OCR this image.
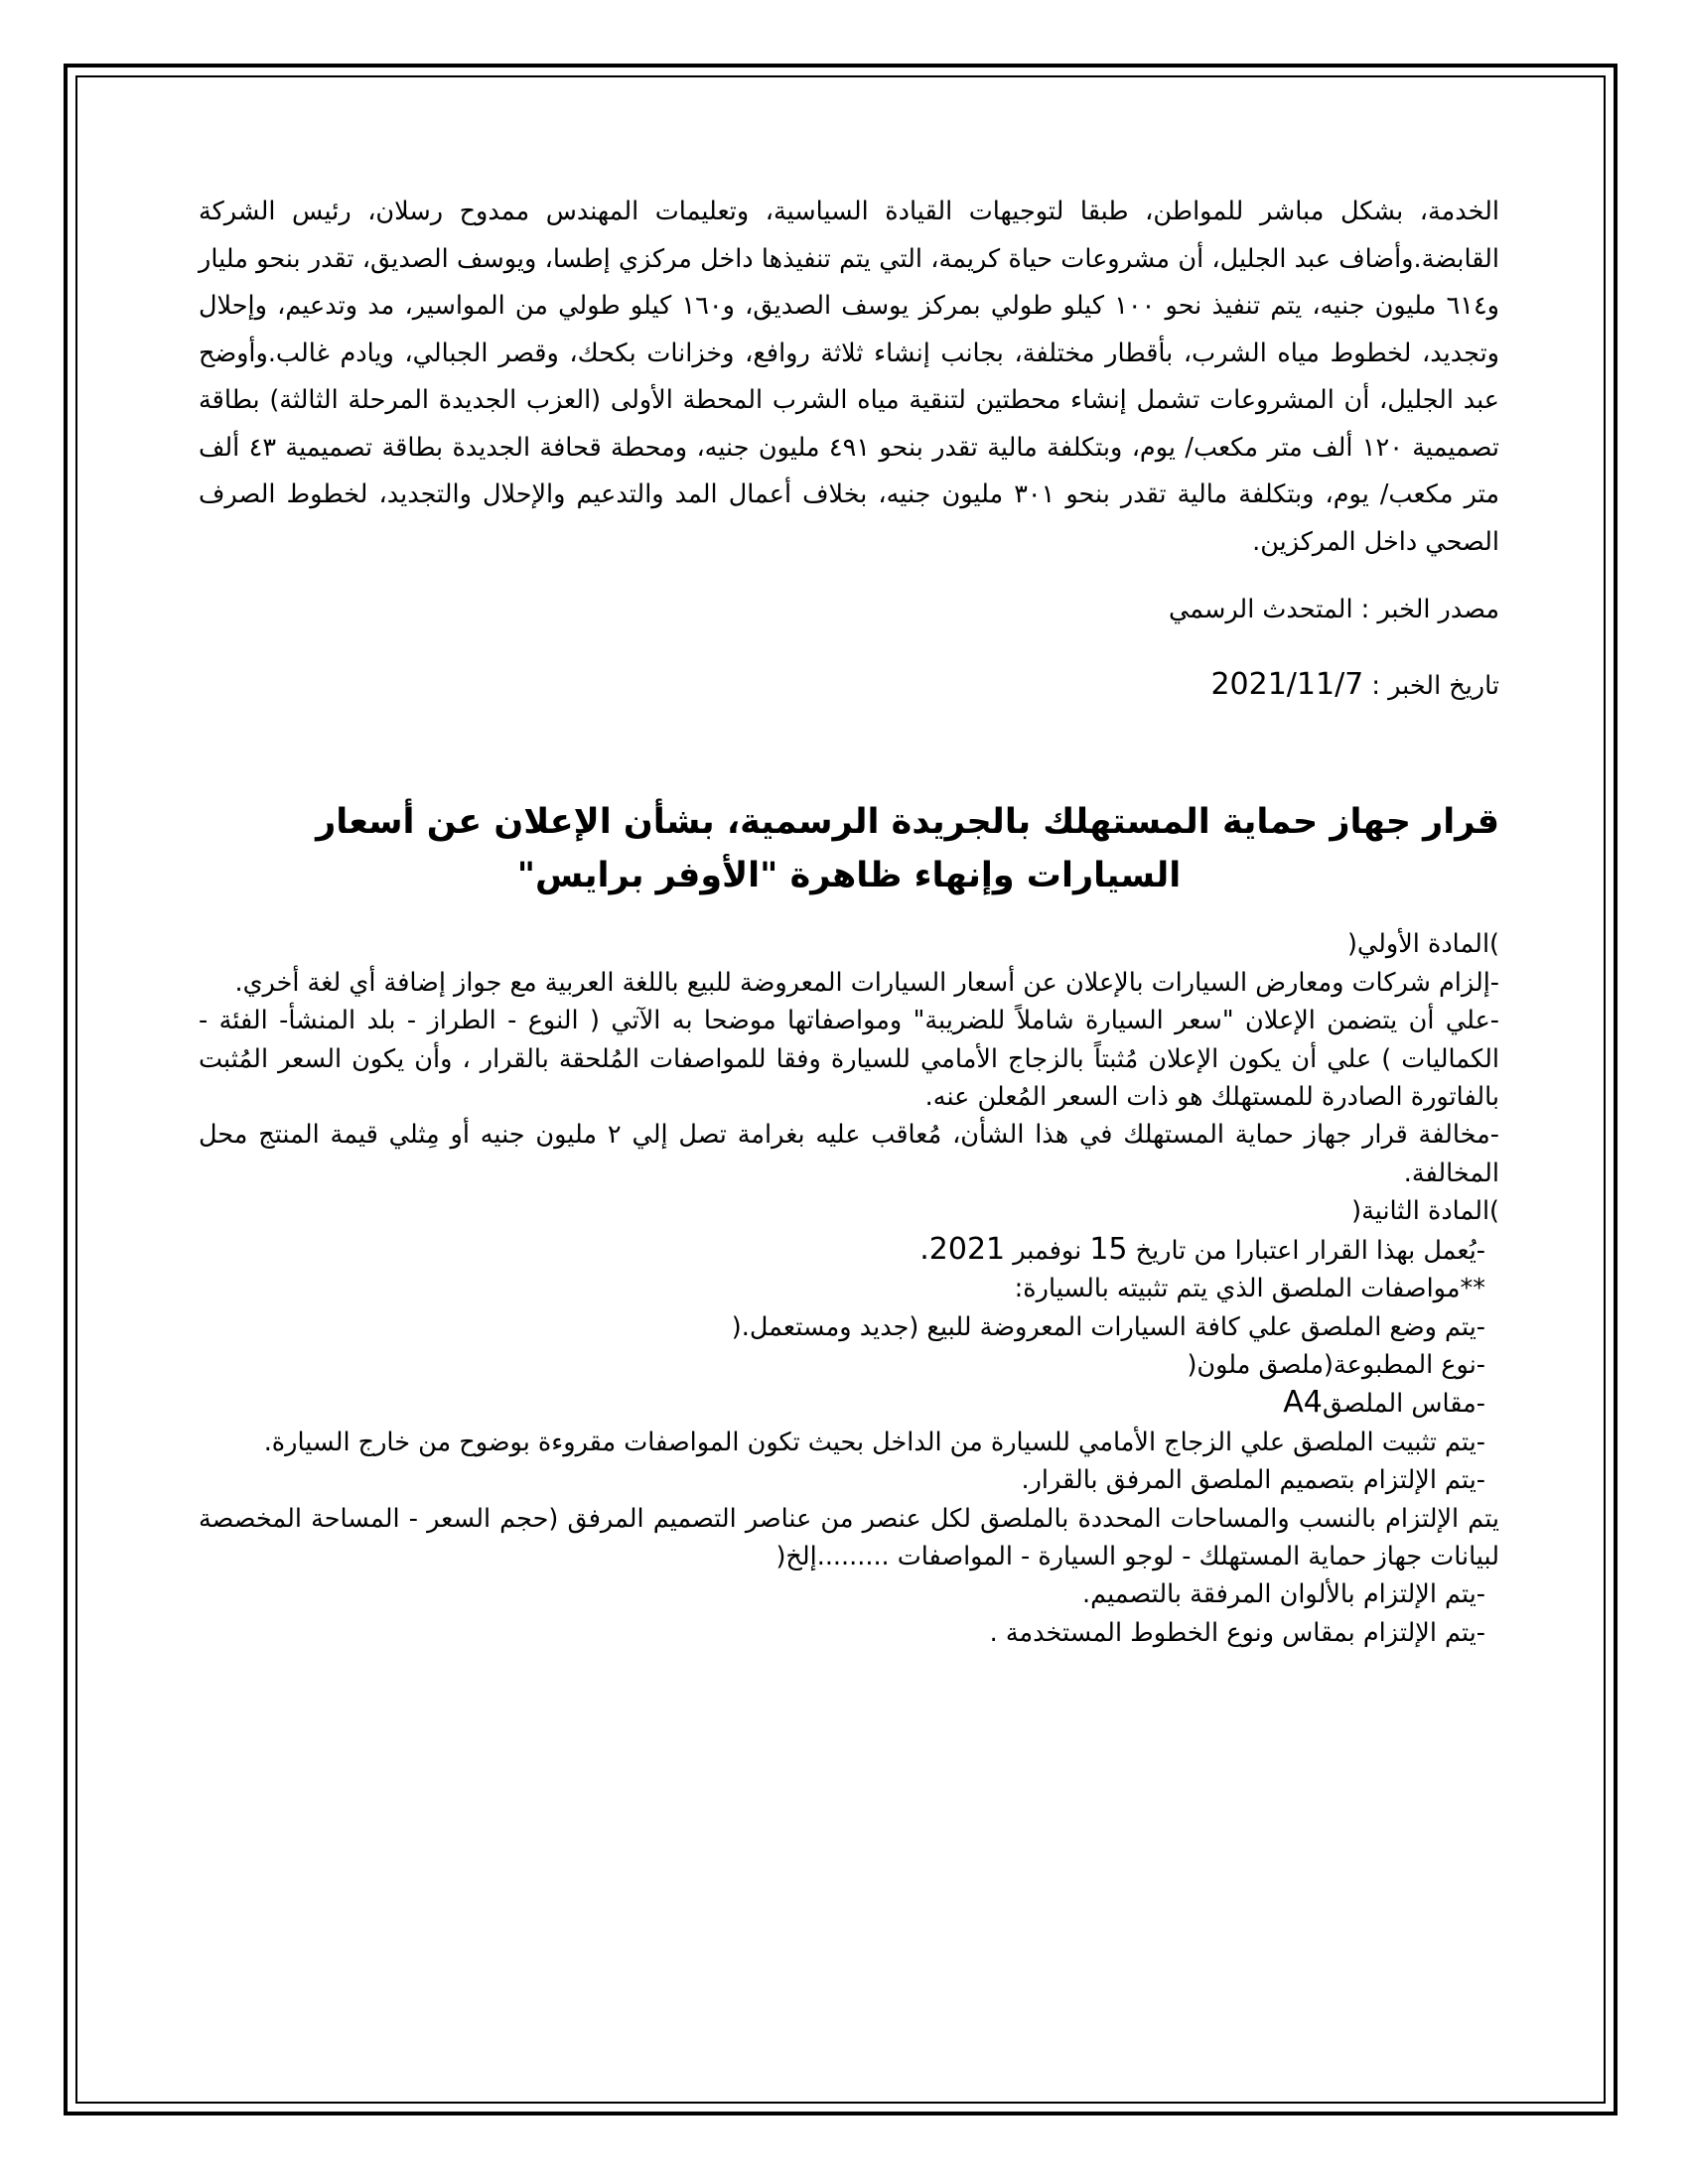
الخدمة، بشكل مباشر للمواطن، طبقا لتوجيهات القيادة السياسية، وتعليمات المهندس ممدوح رسلان، رئيس الشركة القابضة.وأضاف عبد الجليل، أن مشروعات حياة كريمة، التي يتم تنفيذها داخل مركزي إطسا، ويوسف الصديق، تقدر بنحو مليار و٦١٤ مليون جنيه، يتم تنفيذ نحو ١٠٠ كيلو طولي بمركز يوسف الصديق، و١٦٠ كيلو طولي من المواسير، مد وتدعيم، وإحلال وتجديد، لخطوط مياه الشرب، بأقطار مختلفة، بجانب إنشاء ثلاثة روافع، وخزانات بكحك، وقصر الجبالي، ويادم غالب.وأوضح عبد الجليل، أن المشروعات تشمل إنشاء محطتين لتنقية مياه الشرب المحطة الأولى (العزب الجديدة المرحلة الثالثة) بطاقة تصميمية ١٢٠ ألف متر مكعب/ يوم، وبتكلفة مالية تقدر بنحو ٤٩١ مليون جنيه، ومحطة قحافة الجديدة بطاقة تصميمية ٤٣ ألف متر مكعب/ يوم، وبتكلفة مالية تقدر بنحو ٣٠١ مليون جنيه، بخلاف أعمال المد والتدعيم والإحلال والتجديد، لخطوط الصرف الصحي داخل المركزين.

مصدر الخبر : المتحدث الرسمي

تاريخ الخبر : 2021/11/7

قرار جهاز حماية المستهلك بالجريدة الرسمية، بشأن الإعلان عن أسعار السيارات وإنهاء ظاهرة "الأوفر برايس"

)المادة الأولي(

-إلزام شركات ومعارض السيارات بالإعلان عن أسعار السيارات المعروضة للبيع باللغة العربية مع جواز إضافة أي لغة أخري.

-علي أن يتضمن الإعلان "سعر السيارة شاملاً للضريبة" ومواصفاتها موضحا به الآتي ( النوع - الطراز - بلد المنشأ- الفئة - الكماليات ) علي أن يكون الإعلان مُثبتاً بالزجاج الأمامي للسيارة وفقا للمواصفات المُلحقة بالقرار ، وأن يكون السعر المُثبت بالفاتورة الصادرة للمستهلك هو ذات السعر المُعلن عنه.

-مخالفة قرار جهاز حماية المستهلك في هذا الشأن، مُعاقب عليه بغرامة تصل إلي ٢ مليون جنيه أو مِثلي قيمة المنتج محل المخالفة.

)المادة الثانية(

-يُعمل بهذا القرار اعتبارا من تاريخ 15 نوفمبر 2021.

**مواصفات الملصق الذي يتم تثبيته بالسيارة:

-يتم وضع الملصق علي كافة السيارات المعروضة للبيع (جديد ومستعمل.(

-نوع المطبوعة(ملصق ملون(

-مقاس الملصقA4

-يتم تثبيت الملصق علي الزجاج الأمامي للسيارة من الداخل بحيث تكون المواصفات مقروءة بوضوح من خارج السيارة.

-يتم الإلتزام بتصميم الملصق المرفق بالقرار.

يتم الإلتزام بالنسب والمساحات المحددة بالملصق لكل عنصر من عناصر التصميم المرفق (حجم السعر - المساحة المخصصة لبيانات جهاز حماية المستهلك - لوجو السيارة - المواصفات .........إلخ(

-يتم الإلتزام بالألوان المرفقة بالتصميم.

-يتم الإلتزام بمقاس ونوع الخطوط المستخدمة .
